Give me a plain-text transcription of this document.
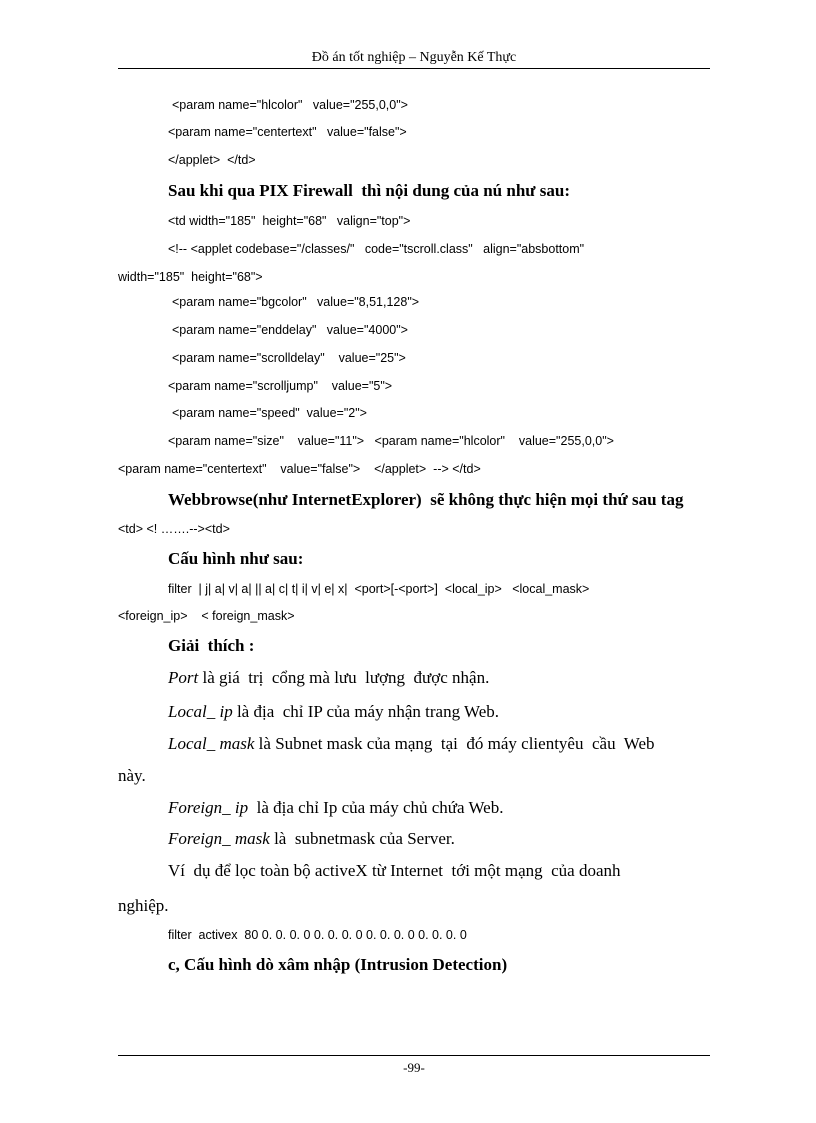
Đồ án tốt nghiệp – Nguyễn Kế Thực
<param name="hlcolor"   value="255,0,0">
<param name="centertext"   value="false">
</applet>  </td>
Sau khi qua PIX Firewall  thì nội dung của nú như sau:
<td width="185"  height="68"   valign="top">
<!-- <applet codebase="/classes/"   code="tscroll.class"   align="absbottom"
width="185"  height="68">
<param name="bgcolor"   value="8,51,128">
<param name="enddelay"   value="4000">
<param name="scrolldelay"    value="25">
<param name="scrolljump"    value="5">
<param name="speed"  value="2">
<param name="size"    value="11">   <param name="hlcolor"    value="255,0,0">
<param name="centertext"    value="false">    </applet>  --> </td>
Webbrowse(như InternetExplorer)  sẽ không thực hiện mọi thứ sau tag
<td> <! …….--><td>
Cấu hình như sau:
filter  | j| a| v| a| || a| c| t| i| v| e| x|  <port>[-<port>]  <local_ip>   <local_mask>
<foreign_ip>    < foreign_mask>
Giải  thích :
Port là giá  trị  cổng mà lưu  lượng  được nhận.
Local_ ip là địa  chỉ IP của máy nhận trang Web.
Local_ mask là Subnet mask của mạng  tại  đó máy clientyêu  cầu  Web
này.
Foreign_ ip  là địa chỉ Ip của máy chủ chứa Web.
Foreign_ mask là  subnetmask của Server.
Ví  dụ để lọc toàn bộ activeX từ Internet  tới một mạng  của doanh
nghiệp.
filter  activex  80 0. 0. 0. 0 0. 0. 0. 0 0. 0. 0. 0 0. 0. 0. 0
c, Cấu hình dò xâm nhập (Intrusion Detection)
-99-
